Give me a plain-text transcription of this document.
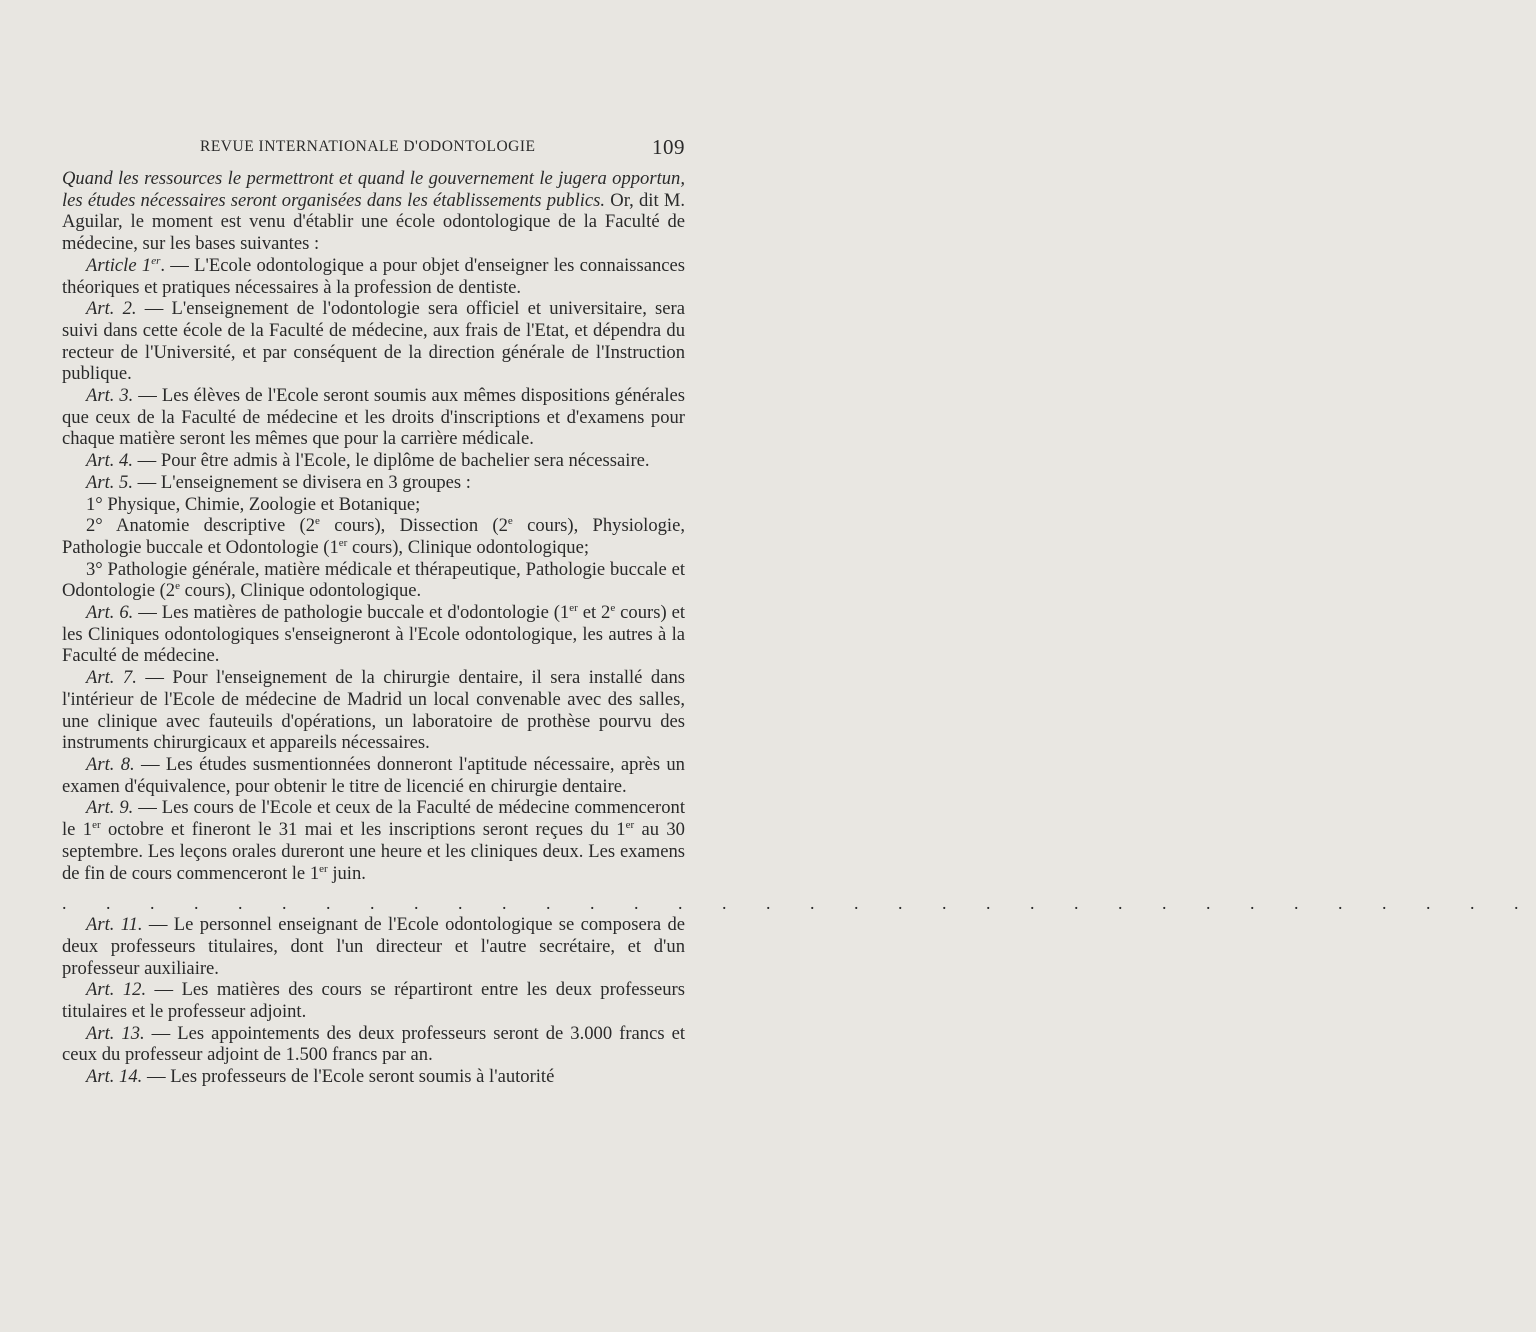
REVUE INTERNATIONALE D'ODONTOLOGIE	109

Quand les ressources le permettront et quand le gouvernement le jugera opportun, les études nécessaires seront organisées dans les établissements publics. Or, dit M. Aguilar, le moment est venu d'établir une école odontologique de la Faculté de médecine, sur les bases suivantes :

Article 1er. — L'Ecole odontologique a pour objet d'enseigner les connaissances théoriques et pratiques nécessaires à la profession de dentiste.

Art. 2. — L'enseignement de l'odontologie sera officiel et universitaire, sera suivi dans cette école de la Faculté de médecine, aux frais de l'Etat, et dépendra du recteur de l'Université, et par conséquent de la direction générale de l'Instruction publique.

Art. 3. — Les élèves de l'Ecole seront soumis aux mêmes dispositions générales que ceux de la Faculté de médecine et les droits d'inscriptions et d'examens pour chaque matière seront les mêmes que pour la carrière médicale.

Art. 4. — Pour être admis à l'Ecole, le diplôme de bachelier sera nécessaire.

Art. 5. — L'enseignement se divisera en 3 groupes :

1° Physique, Chimie, Zoologie et Botanique;

2° Anatomie descriptive (2e cours), Dissection (2e cours), Physiologie, Pathologie buccale et Odontologie (1er cours), Clinique odontologique;

3° Pathologie générale, matière médicale et thérapeutique, Pathologie buccale et Odontologie (2e cours), Clinique odontologique.

Art. 6. — Les matières de pathologie buccale et d'odontologie (1er et 2e cours) et les Cliniques odontologiques s'enseigneront à l'Ecole odontologique, les autres à la Faculté de médecine.

Art. 7. — Pour l'enseignement de la chirurgie dentaire, il sera installé dans l'intérieur de l'Ecole de médecine de Madrid un local convenable avec des salles, une clinique avec fauteuils d'opérations, un laboratoire de prothèse pourvu des instruments chirurgicaux et appareils nécessaires.

Art. 8. — Les études susmentionnées donneront l'aptitude nécessaire, après un examen d'équivalence, pour obtenir le titre de licencié en chirurgie dentaire.

Art. 9. — Les cours de l'Ecole et ceux de la Faculté de médecine commenceront le 1er octobre et fineront le 31 mai et les inscriptions seront reçues du 1er au 30 septembre. Les leçons orales dureront une heure et les cliniques deux. Les examens de fin de cours commenceront le 1er juin.

. . . . . . . . . . . . . . . . . . . . . . . . . . . . . . . . . .

Art. 11. — Le personnel enseignant de l'Ecole odontologique se composera de deux professeurs titulaires, dont l'un directeur et l'autre secrétaire, et d'un professeur auxiliaire.

Art. 12. — Les matières des cours se répartiront entre les deux professeurs titulaires et le professeur adjoint.

Art. 13. — Les appointements des deux professeurs seront de 3.000 francs et ceux du professeur adjoint de 1.500 francs par an.

Art. 14. — Les professeurs de l'Ecole seront soumis à l'autorité
